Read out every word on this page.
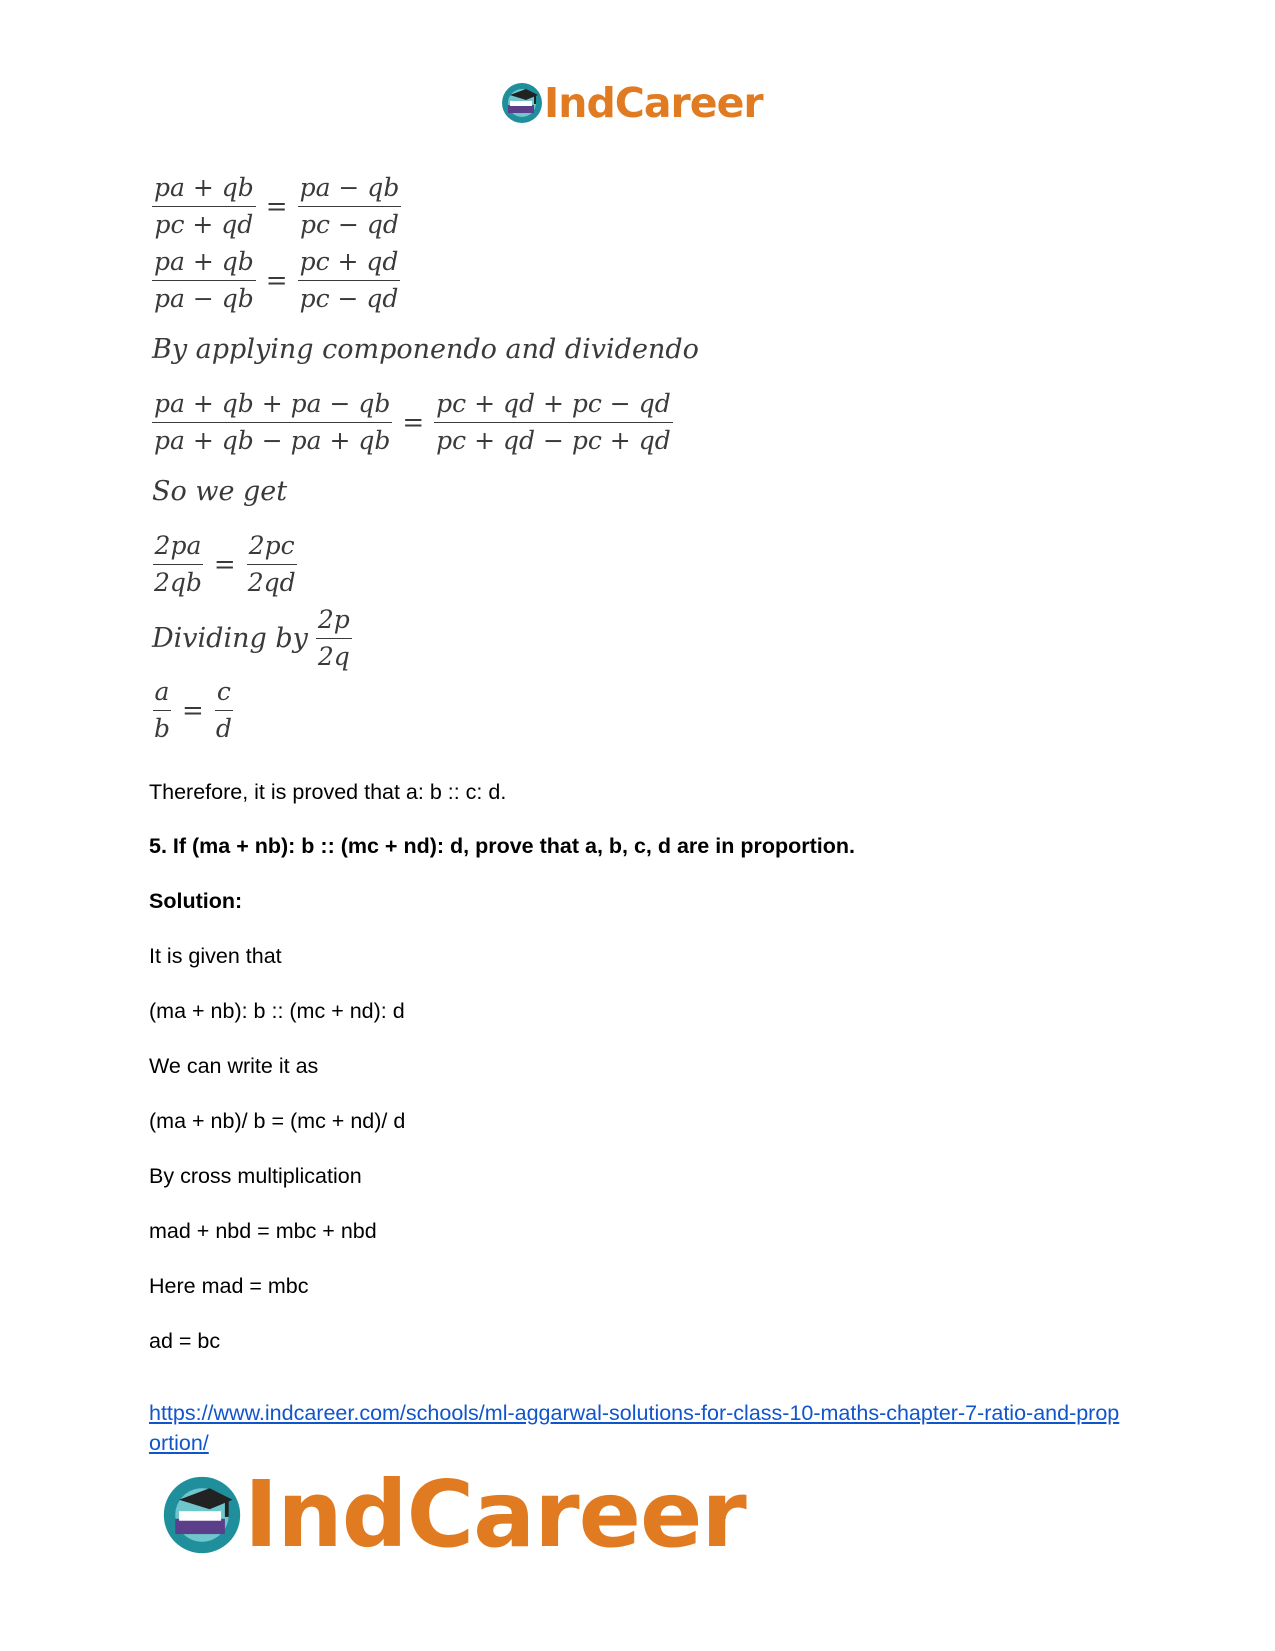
IndCareer
$\frac{pa + qb}{pc + qd} = \frac{pa - qb}{pc - qd}$
$\frac{pa + qb}{pa - qb} = \frac{pc + qd}{pc - qd}$
By applying componendo and dividendo
$\frac{pa + qb + pa - qb}{pa + qb - pa + qb} = \frac{pc + qd + pc - qd}{pc + qd - pc + qd}$
So we get
$\frac{2pa}{2qb} = \frac{2pc}{2qd}$
Dividing by $\frac{2p}{2q}$
$\frac{a}{b} = \frac{c}{d}$
Therefore, it is proved that a: b :: c: d.
5. If (ma + nb): b :: (mc + nd): d, prove that a, b, c, d are in proportion.
Solution:
It is given that
(ma + nb): b :: (mc + nd): d
We can write it as
(ma + nb)/ b = (mc + nd)/ d
By cross multiplication
mad + nbd = mbc + nbd
Here mad = mbc
ad = bc
https://www.indcareer.com/schools/ml-aggarwal-solutions-for-class-10-maths-chapter-7-ratio-and-proportion/
IndCareer
